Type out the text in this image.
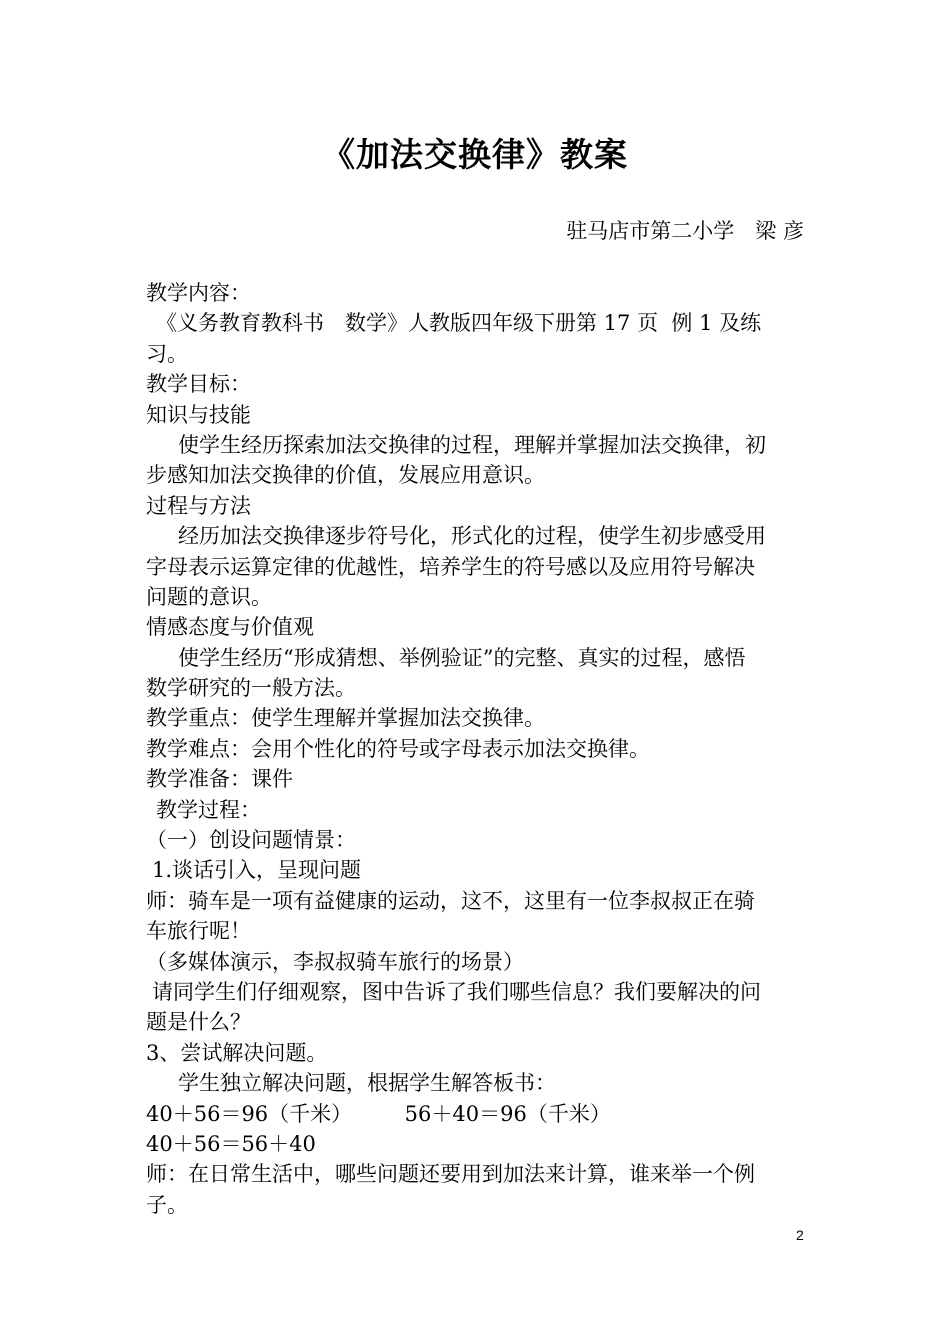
《加法交换律》教案
驻马店市第二小学　梁 彦
教学内容：
《义务教育教科书　数学》人教版四年级下册第 17 页  例 1 及练
习。
教学目标：
知识与技能
使学生经历探索加法交换律的过程，理解并掌握加法交换律，初
步感知加法交换律的价值，发展应用意识。
过程与方法
经历加法交换律逐步符号化，形式化的过程，使学生初步感受用
字母表示运算定律的优越性，培养学生的符号感以及应用符号解决
问题的意识。
情感态度与价值观
使学生经历“形成猜想、举例验证”的完整、真实的过程，感悟
数学研究的一般方法。
教学重点：使学生理解并掌握加法交换律。
教学难点：会用个性化的符号或字母表示加法交换律。
教学准备：课件
教学过程：
（一）创设问题情景：
1.谈话引入，呈现问题
师：骑车是一项有益健康的运动，这不，这里有一位李叔叔正在骑
车旅行呢！
（多媒体演示，李叔叔骑车旅行的场景）
请同学生们仔细观察，图中告诉了我们哪些信息？我们要解决的问
题是什么？
3、尝试解决问题。
学生独立解决问题，根据学生解答板书：
40＋56＝96（千米）　　　56＋40＝96（千米）
40＋56＝56＋40
师：在日常生活中，哪些问题还要用到加法来计算，谁来举一个例
子。
2
